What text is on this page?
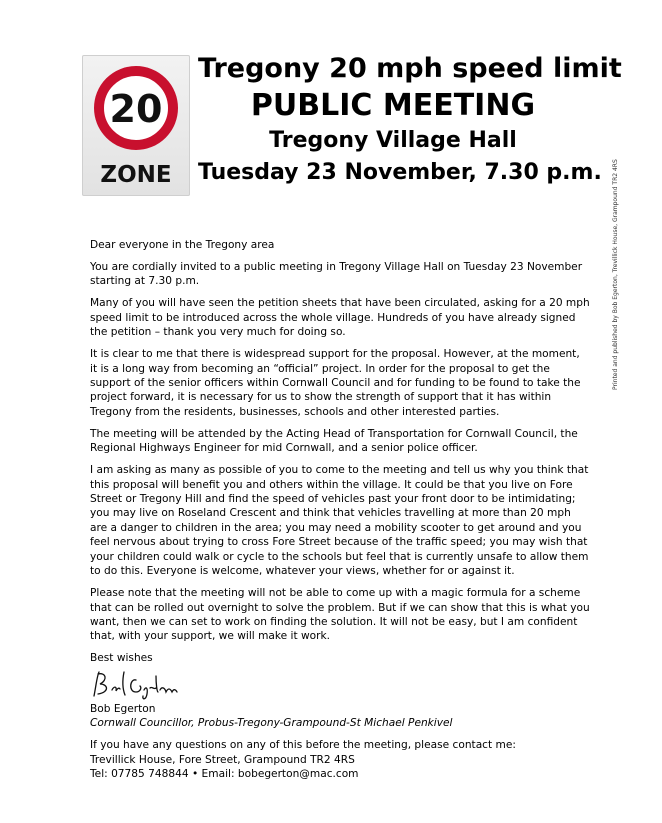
20
ZONE
Tregony 20 mph speed limit
PUBLIC MEETING
Tregony Village Hall
Tuesday 23 November, 7.30 p.m.

Dear everyone in the Tregony area

You are cordially invited to a public meeting in Tregony Village Hall on Tuesday 23 November starting at 7.30 p.m.

Many of you will have seen the petition sheets that have been circulated, asking for a 20 mph speed limit to be introduced across the whole village. Hundreds of you have already signed the petition – thank you very much for doing so.

It is clear to me that there is widespread support for the proposal. However, at the moment, it is a long way from becoming an “official” project. In order for the proposal to get the support of the senior officers within Cornwall Council and for funding to be found to take the project forward, it is necessary for us to show the strength of support that it has within Tregony from the residents, businesses, schools and other interested parties.

The meeting will be attended by the Acting Head of Transportation for Cornwall Council, the Regional Highways Engineer for mid Cornwall, and a senior police officer.

I am asking as many as possible of you to come to the meeting and tell us why you think that this proposal will benefit you and others within the village. It could be that you live on Fore Street or Tregony Hill and find the speed of vehicles past your front door to be intimidating; you may live on Roseland Crescent and think that vehicles travelling at more than 20 mph are a danger to children in the area; you may need a mobility scooter to get around and you feel nervous about trying to cross Fore Street because of the traffic speed; you may wish that your children could walk or cycle to the schools but feel that is currently unsafe to allow them to do this. Everyone is welcome, whatever your views, whether for or against it.

Please note that the meeting will not be able to come up with a magic formula for a scheme that can be rolled out overnight to solve the problem. But if we can show that this is what you want, then we can set to work on finding the solution. It will not be easy, but I am confident that, with your support, we will make it work.

Best wishes

Bob Egerton

Cornwall Councillor, Probus-Tregony-Grampound-St Michael Penkivel

If you have any questions on any of this before the meeting, please contact me:

Trevillick House, Fore Street, Grampound TR2 4RS

Tel: 07785 748844 • Email: bobegerton@mac.com

Printed and published by Bob Egerton, Trevillick House, Grampound TR2 4RS
